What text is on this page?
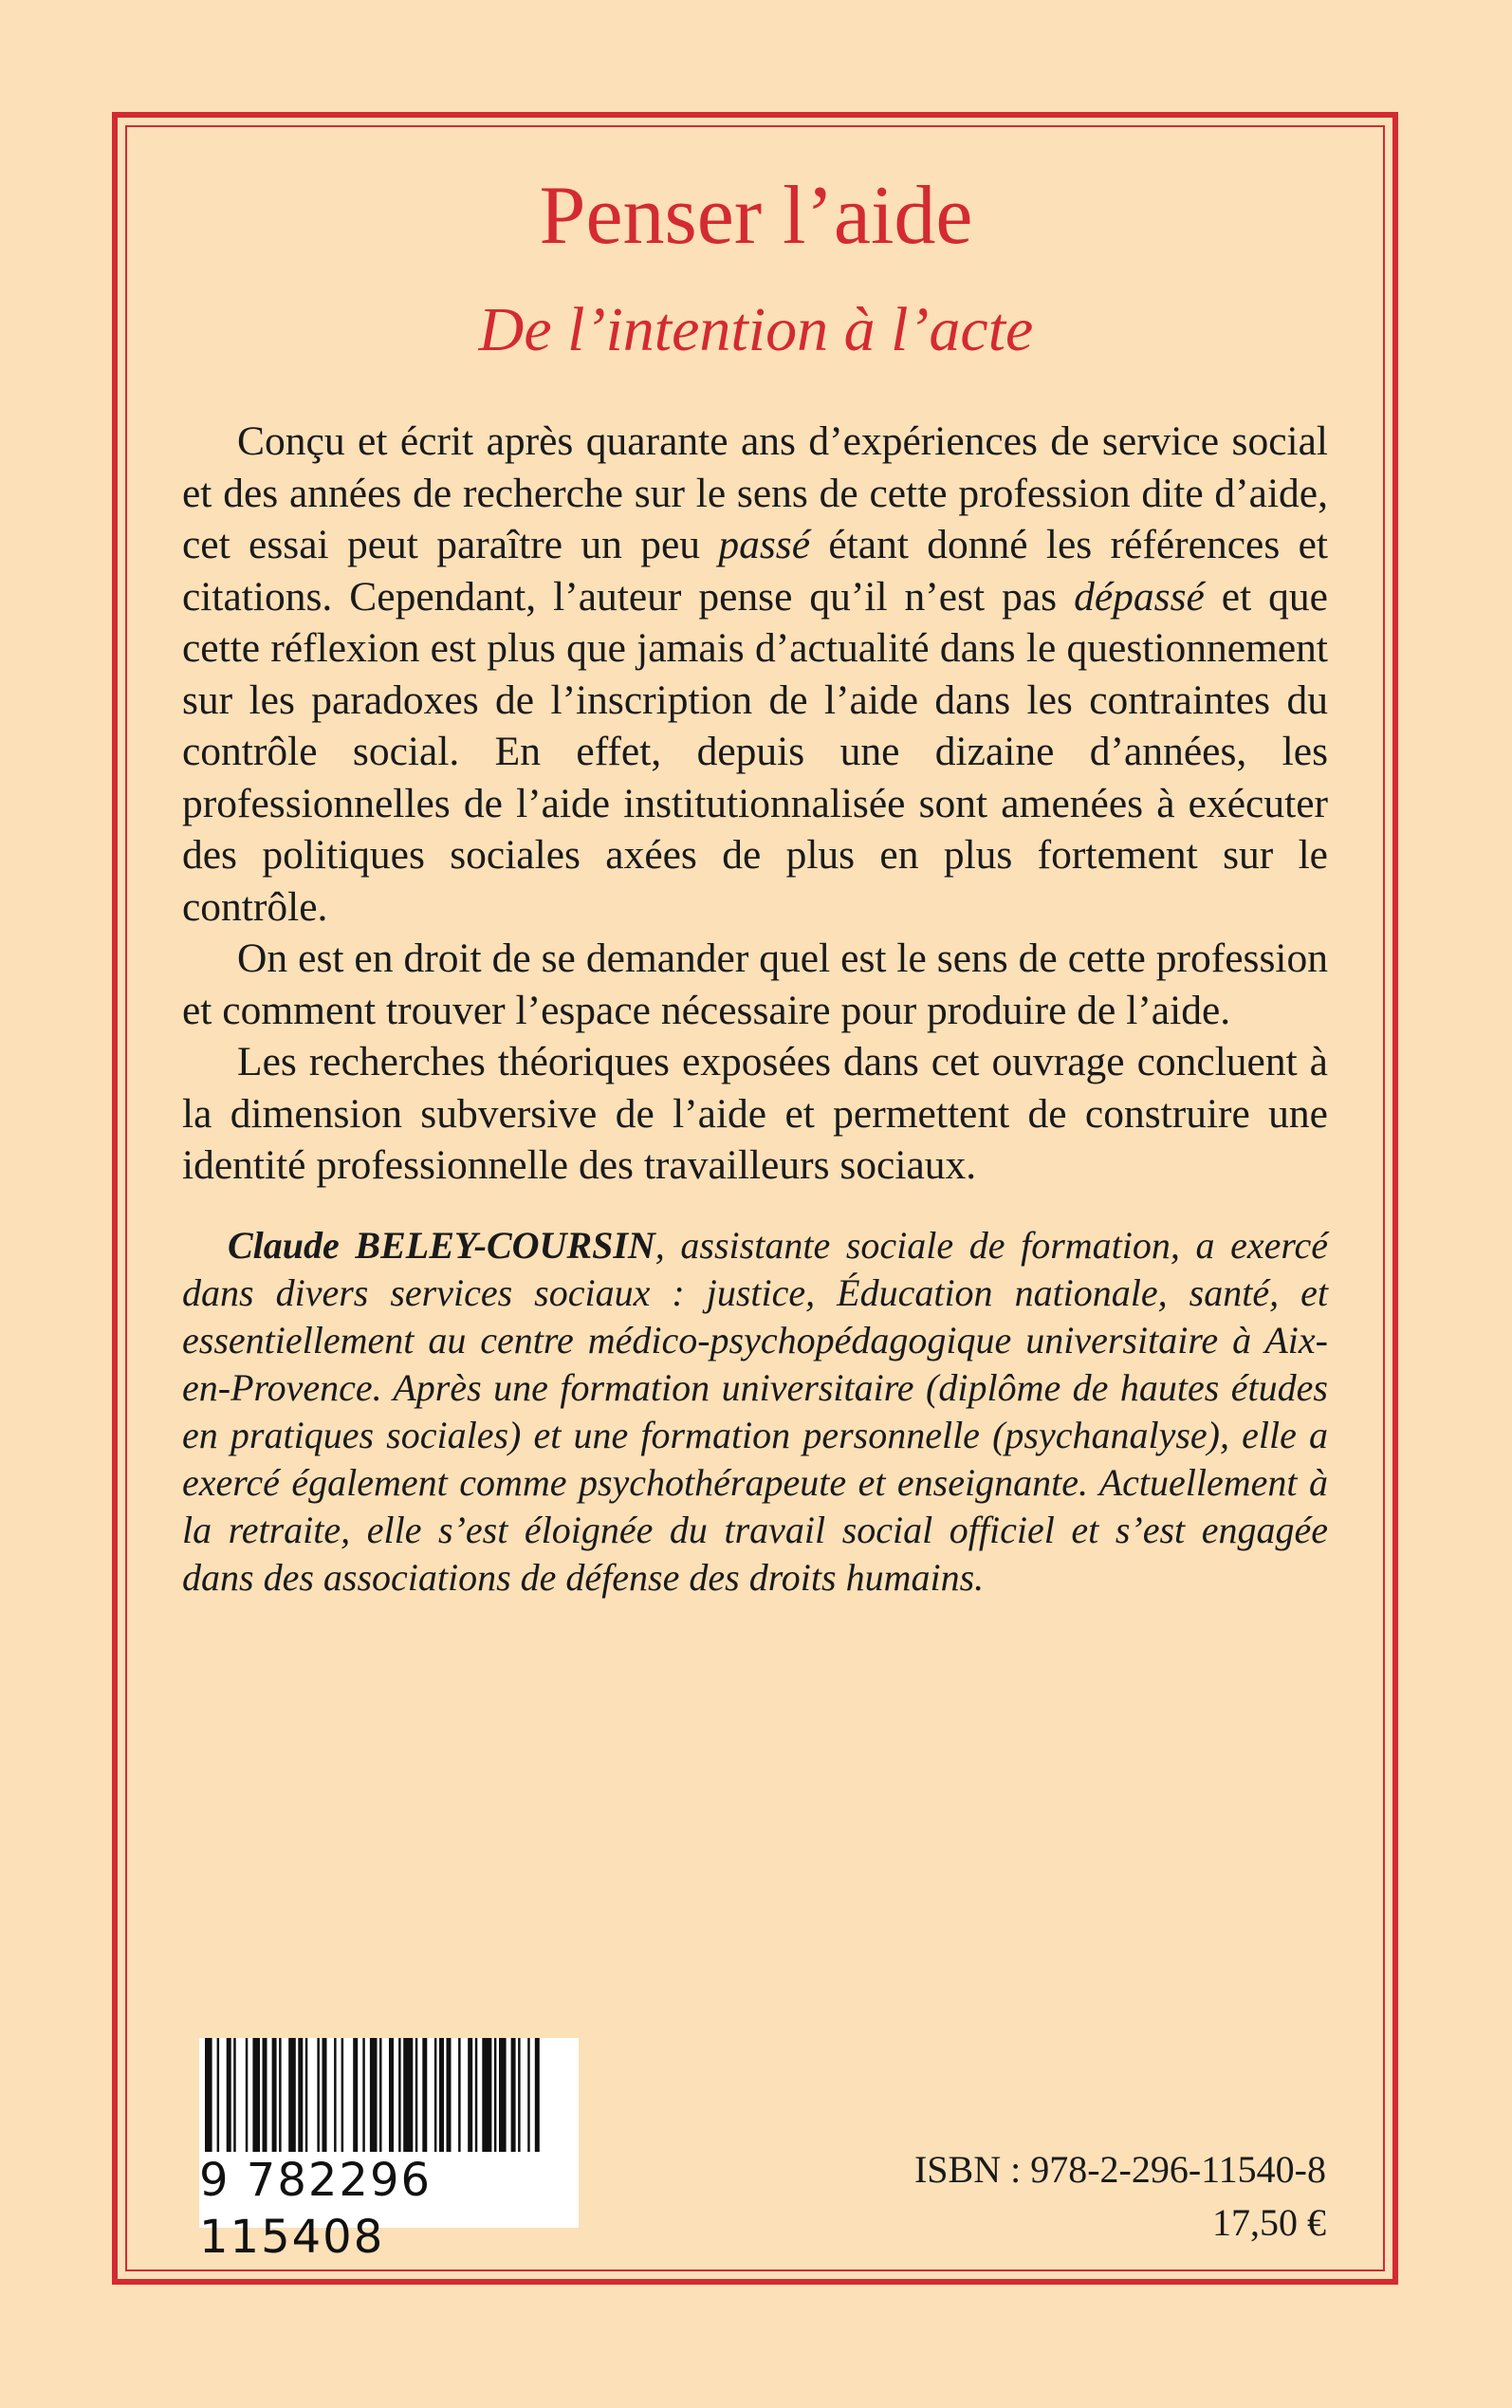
Penser l’aide
De l’intention à l’acte

Conçu et écrit après quarante ans d’expériences de service social et des années de recherche sur le sens de cette profession dite d’aide, cet essai peut paraître un peu passé étant donné les références et citations. Cependant, l’auteur pense qu’il n’est pas dépassé et que cette réflexion est plus que jamais d’actualité dans le questionnement sur les paradoxes de l’inscription de l’aide dans les contraintes du contrôle social. En effet, depuis une dizaine d’années, les professionnelles de l’aide institutionnalisée sont amenées à exécuter des politiques sociales axées de plus en plus fortement sur le contrôle.

On est en droit de se demander quel est le sens de cette profession et comment trouver l’espace nécessaire pour produire de l’aide.

Les recherches théoriques exposées dans cet ouvrage concluent à la dimension subversive de l’aide et permettent de construire une identité professionnelle des travailleurs sociaux.

Claude BELEY-COURSIN, assistante sociale de formation, a exercé dans divers services sociaux : justice, Éducation nationale, santé, et essentiellement au centre médico-psychopédagogique universitaire à Aix-en-Provence. Après une formation universitaire (diplôme de hautes études en pratiques sociales) et une formation personnelle (psychanalyse), elle a exercé également comme psychothérapeute et enseignante. Actuellement à la retraite, elle s’est éloignée du travail social officiel et s’est engagée dans des associations de défense des droits humains.

9 782296 115408
ISBN : 978-2-296-11540-8
17,50 €
